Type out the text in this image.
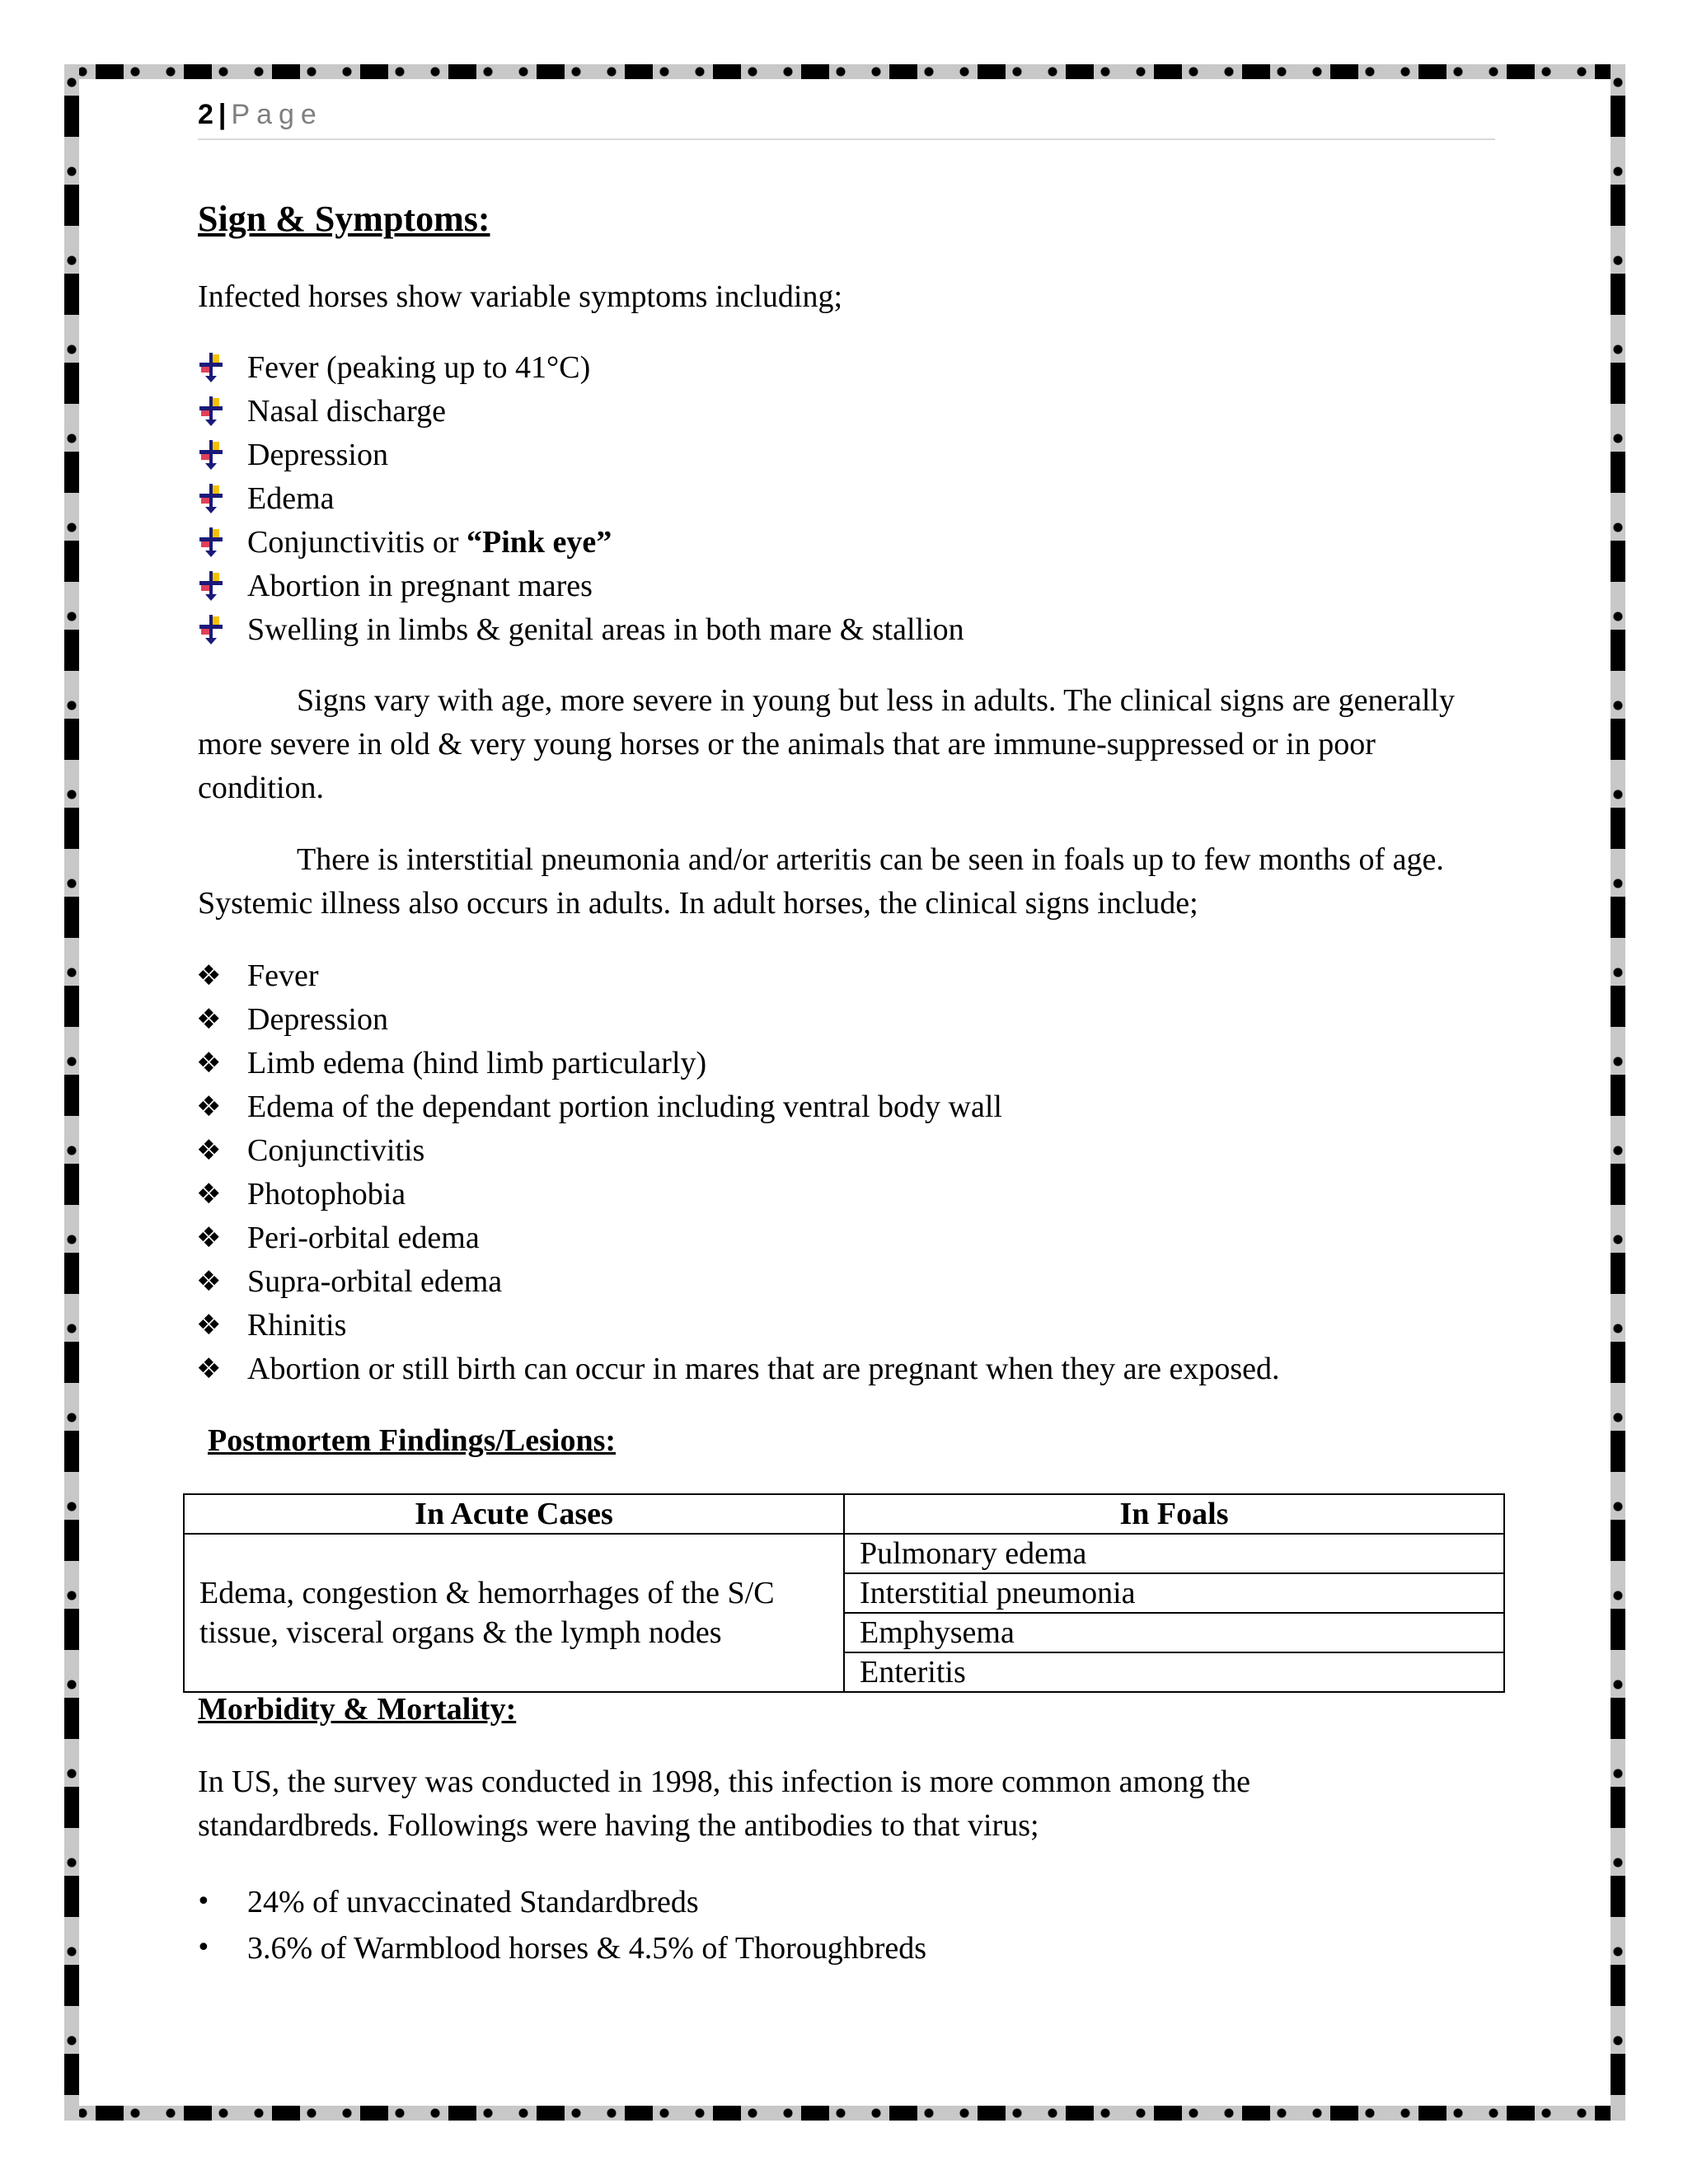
2 | Page
Sign & Symptoms:
Infected horses show variable symptoms including;
Fever (peaking up to 41°C)
Nasal discharge
Depression
Edema
Conjunctivitis or “Pink eye”
Abortion in pregnant mares
Swelling in limbs & genital areas in both mare & stallion
Signs vary with age, more severe in young but less in adults. The clinical signs are generally more severe in old & very young horses or the animals that are immune-suppressed or in poor condition.
There is interstitial pneumonia and/or arteritis can be seen in foals up to few months of age. Systemic illness also occurs in adults. In adult horses, the clinical signs include;
❖ Fever
❖ Depression
❖ Limb edema (hind limb particularly)
❖ Edema of the dependant portion including ventral body wall
❖ Conjunctivitis
❖ Photophobia
❖ Peri-orbital edema
❖ Supra-orbital edema
❖ Rhinitis
❖ Abortion or still birth can occur in mares that are pregnant when they are exposed.
Postmortem Findings/Lesions:
In Acute Cases	In Foals
Edema, congestion & hemorrhages of the S/C tissue, visceral organs & the lymph nodes	Pulmonary edema
	Interstitial pneumonia
	Emphysema
	Enteritis
Morbidity & Mortality:
In US, the survey was conducted in 1998, this infection is more common among the standardbreds. Followings were having the antibodies to that virus;
•	24% of unvaccinated Standardbreds
•	3.6% of Warmblood horses & 4.5% of Thoroughbreds
